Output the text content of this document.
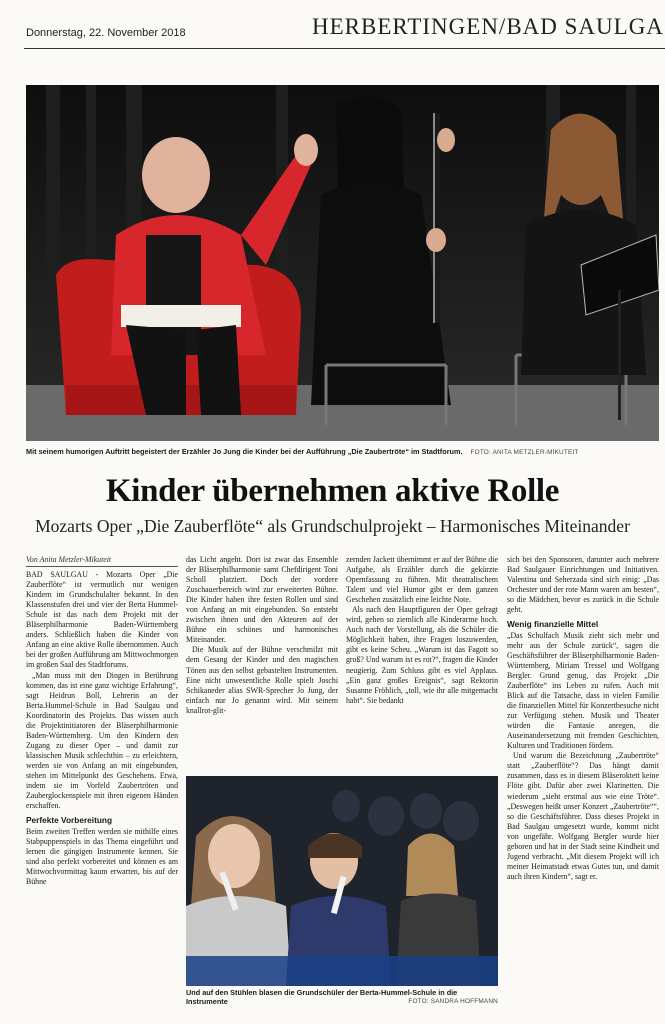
Donnerstag, 22. November 2018	HERBERTINGEN/BAD SAULGA
Mit seinem humorigen Auftritt begeistert der Erzähler Jo Jung die Kinder bei der Aufführung „Die Zaubertröte“ im Stadtforum. FOTO: ANITA METZLER-MIKUTEIT
Kinder übernehmen aktive Rolle
Mozarts Oper „Die Zauberflöte“ als Grundschulprojekt – Harmonisches Miteinander

Von Anita Metzler-Mikuteit

BAD SAULGAU - Mozarts Oper „Die Zauberflöte“ ist vermutlich nur wenigen Kindern im Grundschulalter bekannt. In den Klassenstufen drei und vier der Berta Hummel-Schule ist das nach dem Projekt mit der Bläserphilharmonie Baden-Württemberg anders. Schließlich haben die Kinder von Anfang an eine aktive Rolle übernommen. Auch bei der großen Aufführung am Mittwochmorgen im großen Saal des Stadtforums.

„Man muss mit den Dingen in Berührung kommen, das ist eine ganz wichtige Erfahrung“, sagt Heidrun Boll, Lehrerin an der Berta.Hummel-Schule in Bad Saulgau und Koordinatorin des Projekts. Das wissen auch die Projektinitiatoren der Bläserphilharmonie Baden-Württemberg. Um den Kindern den Zugang zu dieser Oper – und damit zur klassischen Musik schlechthin – zu erleichtern, werden sie von Anfang an mit eingebunden, stehen im Mittelpunkt des Geschehens. Etwa, indem sie im Vorfeld Zaubertröten und Zauberglockenspiele mit ihren eigenen Händen erschaffen.

Perfekte Vorbereitung

Beim zweiten Treffen werden sie mithilfe eines Stabpuppenspiels in das Thema eingeführt und lernen die gängigen Instrumente kennen. Sie sind also perfekt vorbereitet und können es am Mittwochvormittag kaum erwarten, bis auf der Bühne

das Licht angeht. Dort ist zwar das Ensemble der Bläserphilharmonie samt Chefdirigent Toni Scholl platziert. Doch der vordere Zuschauerbereich wird zur erweiterten Bühne. Die Kinder haben ihre festen Rollen und sind von Anfang an mit eingebunden. So entsteht zwischen ihnen und den Akteuren auf der Bühne ein schönes und harmonisches Miteinander.

Die Musik auf der Bühne verschmilzt mit dem Gesang der Kinder und den magischen Tönen aus den selbst gebastelten Instrumenten. Eine nicht unwesentliche Rolle spielt Joschi Schikaneder alias SWR-Sprecher Jo Jung, der einfach nur Jo genannt wird. Mit seinem knallrot-glit-

zernden Jackett übernimmt er auf der Bühne die Aufgabe, als Erzähler durch die gekürzte Opernfassung zu führen. Mit theatralischem Talent und viel Humor gibt er dem ganzen Geschehen zusätzlich eine leichte Note.

Als nach den Hauptfiguren der Oper gefragt wird, gehen so ziemlich alle Kinderarme hoch. Auch nach der Vorstellung, als die Schüler die Möglichkeit haben, ihre Fragen loszuwerden, gibt es keine Scheu. „Warum ist das Fagott so groß? Und warum ist es rot?“, fragen die Kinder neugierig. Zum Schluss gibt es viel Applaus. „Ein ganz großes Ereignis“, sagt Rektorin Susanne Fröhlich, „toll, wie ihr alle mitgemacht habt“. Sie bedankt

sich bei den Sponsoren, darunter auch mehrere Bad Saulgauer Einrichtungen und Initiativen. Valentina und Seherzada sind sich einig: „Das Orchester und der rote Mann waren am besten“, so die Mädchen, bevor es zurück in die Schule geht.

Wenig finanzielle Mittel

„Das Schulfach Musik zieht sich mehr und mehr aus der Schule zurück“, sagen die Geschäftsführer der Bläserphilharmonie Baden-Württemberg, Miriam Tressel und Wolfgang Bergler. Grund genug, das Projekt „Die Zauberflöte“ ins Leben zu rufen. Auch mit Blick auf die Tatsache, dass in vielen Familie die finanziellen Mittel für Konzertbesuche nicht zur Verfügung stehen. Musik und Theater würden die Fantasie anregen, die Auseinandersetzung mit fremden Geschichten, Kulturen und Traditionen fördern.

Und warum die Bezeichnung „Zaubertröte“ statt „Zauberflöte“? Das hängt damit zusammen, dass es in diesem Bläseroktett keine Flöte gibt. Dafür aber zwei Klarinetten. Die wiederum „sieht erstmal aus wie eine Tröte“. „Deswegen heißt unser Konzert „Zaubertröte““, so die Geschäftsführer. Dass dieses Projekt in Bad Saulgau umgesetzt wurde, kommt nicht von ungefähr. Wolfgang Bergler wurde hier geboren und hat in der Stadt seine Kindheit und Jugend verbracht. „Mit diesem Projekt will ich meiner Heimatstadt etwas Gutes tun, und damit auch ihren Kindern“, sagt er.

Und auf den Stühlen blasen die Grundschüler der Berta-Hummel-Schule in die Instrumente	FOTO: SANDRA HOFFMANN
